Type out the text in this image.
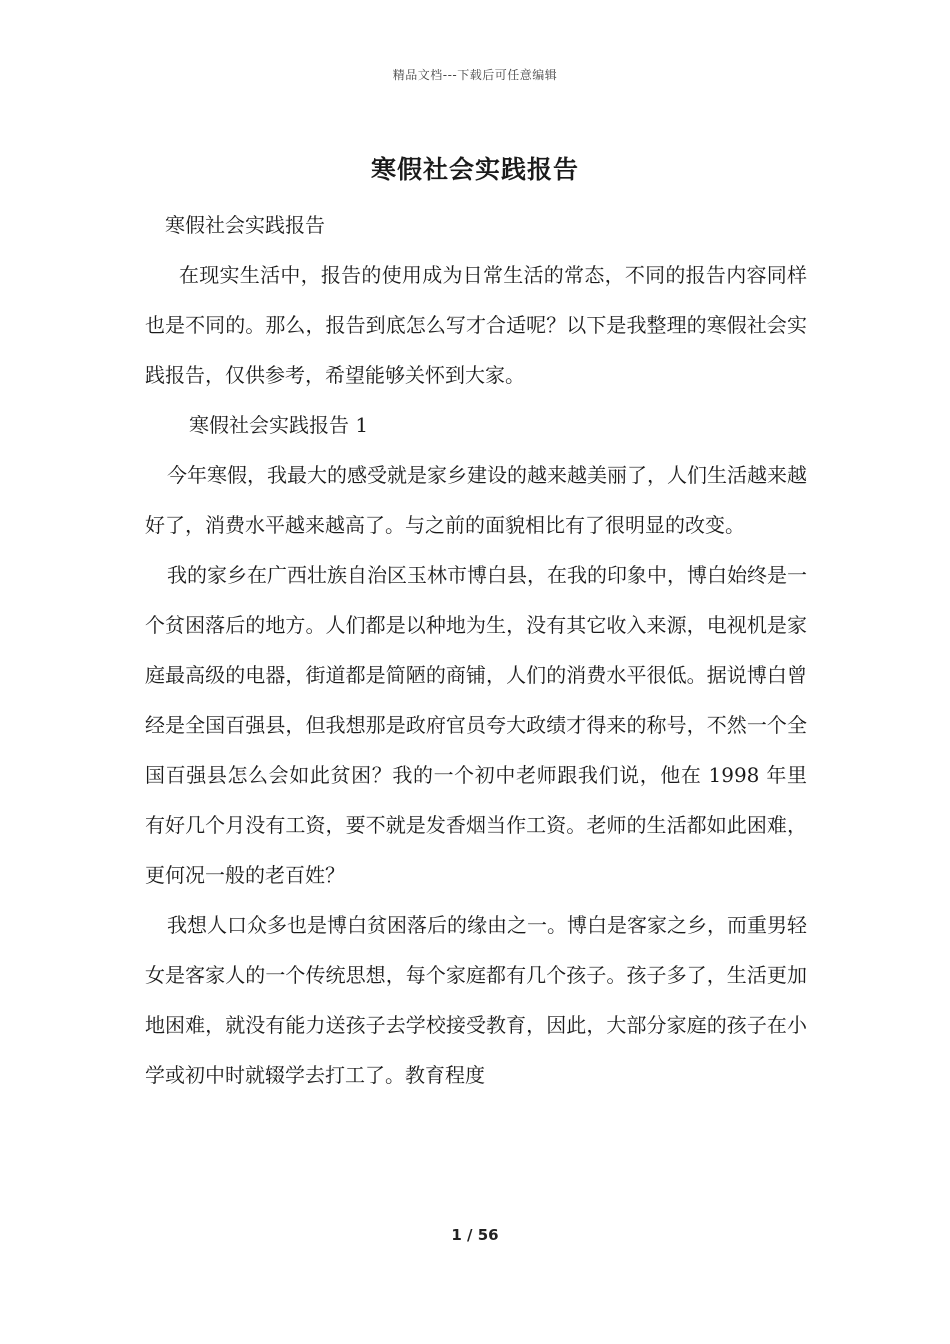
精品文档---下载后可任意编辑
寒假社会实践报告

寒假社会实践报告

在现实生活中，报告的使用成为日常生活的常态，不同的报告内容同样也是不同的。那么，报告到底怎么写才合适呢？以下是我整理的寒假社会实践报告，仅供参考，希望能够关怀到大家。

寒假社会实践报告 1

今年寒假，我最大的感受就是家乡建设的越来越美丽了，人们生活越来越好了，消费水平越来越高了。与之前的面貌相比有了很明显的改变。

我的家乡在广西壮族自治区玉林市博白县，在我的印象中，博白始终是一个贫困落后的地方。人们都是以种地为生，没有其它收入来源，电视机是家庭最高级的电器，街道都是简陋的商铺，人们的消费水平很低。据说博白曾经是全国百强县，但我想那是政府官员夸大政绩才得来的称号，不然一个全国百强县怎么会如此贫困？我的一个初中老师跟我们说，他在 1998 年里有好几个月没有工资，要不就是发香烟当作工资。老师的生活都如此困难，更何况一般的老百姓？

我想人口众多也是博白贫困落后的缘由之一。博白是客家之乡，而重男轻女是客家人的一个传统思想，每个家庭都有几个孩子。孩子多了，生活更加地困难，就没有能力送孩子去学校接受教育，因此，大部分家庭的孩子在小学或初中时就辍学去打工了。教育程度

1 / 56
